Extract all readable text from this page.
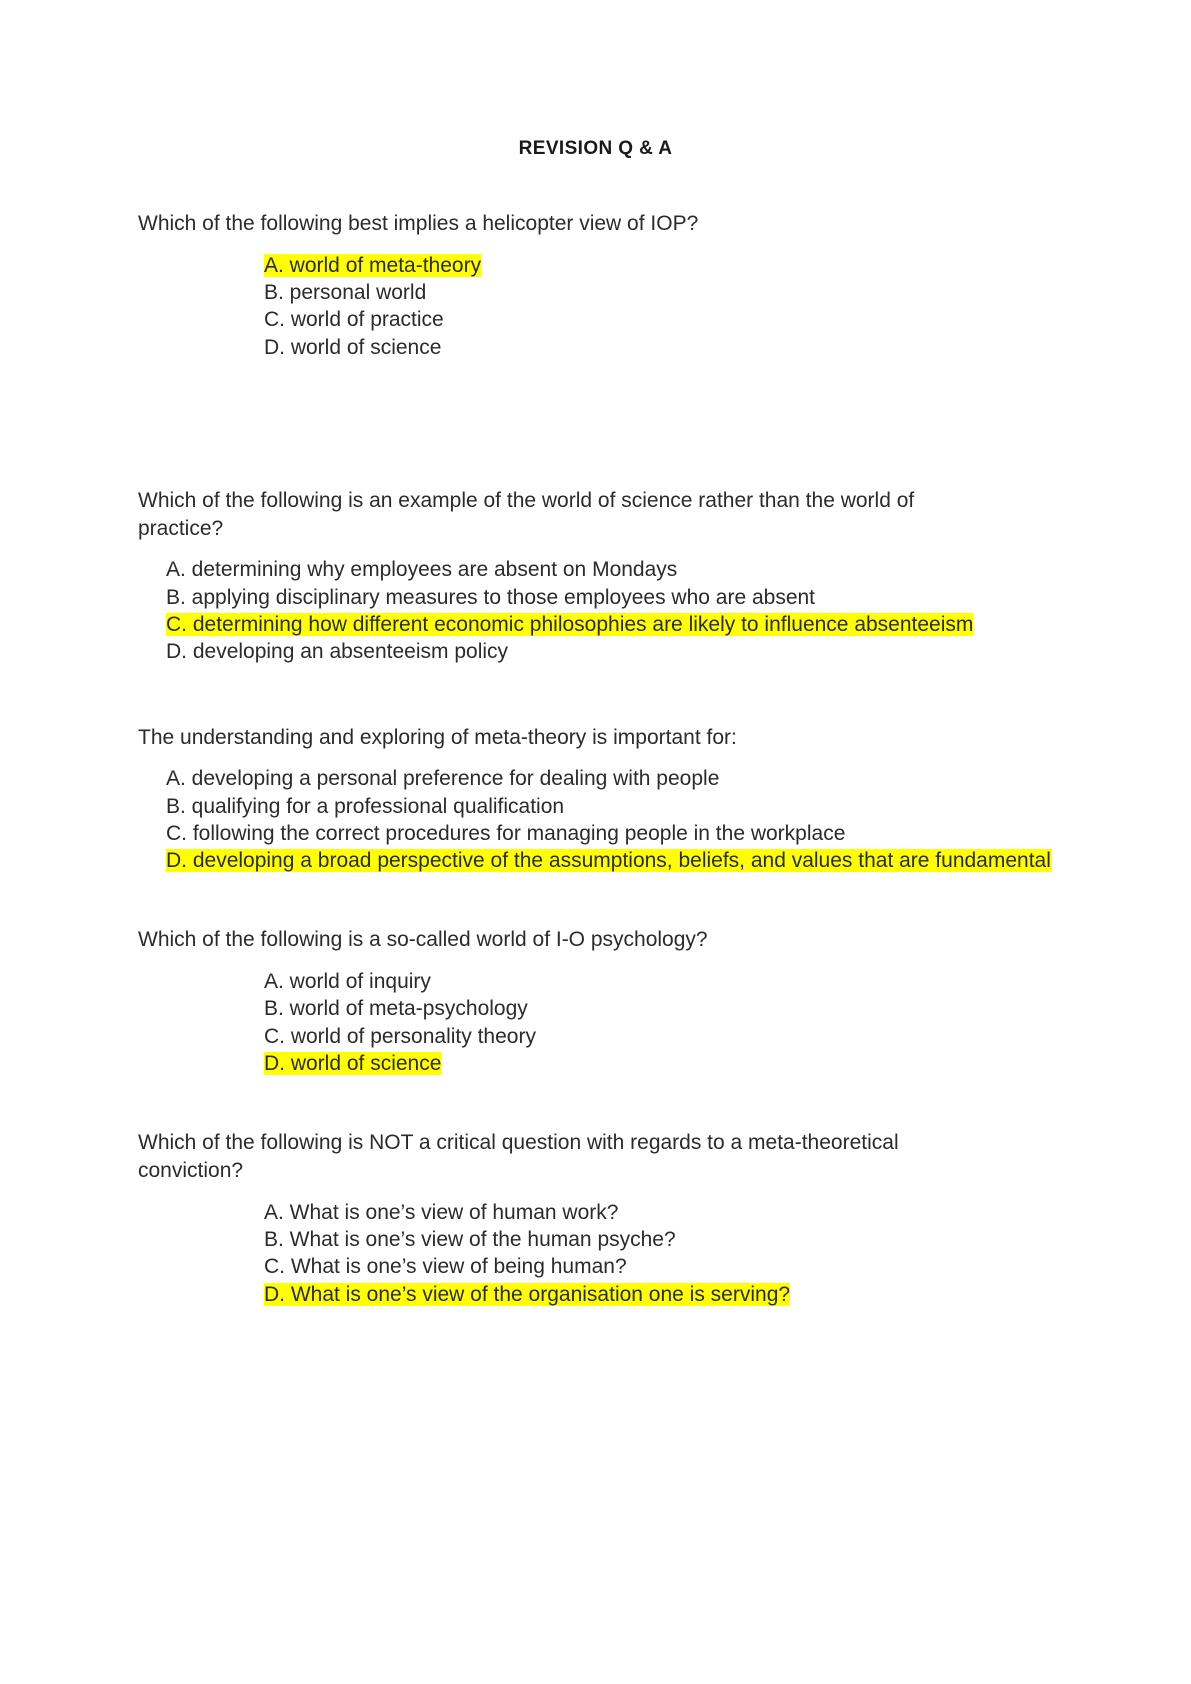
REVISION Q & A
Which of the following best implies a helicopter view of IOP?
A. world of meta-theory
B. personal world
C. world of practice
D. world of science
Which of the following is an example of the world of science rather than the world of practice?
A. determining why employees are absent on Mondays
B. applying disciplinary measures to those employees who are absent
C. determining how different economic philosophies are likely to influence absenteeism
D. developing an absenteeism policy
The understanding and exploring of meta-theory is important for:
A. developing a personal preference for dealing with people
B. qualifying for a professional qualification
C. following the correct procedures for managing people in the workplace
D. developing a broad perspective of the assumptions, beliefs, and values that are fundamental
Which of the following is a so-called world of I-O psychology?
A. world of inquiry
B. world of meta-psychology
C. world of personality theory
D. world of science
Which of the following is NOT a critical question with regards to a meta-theoretical conviction?
A. What is one’s view of human work?
B. What is one’s view of the human psyche?
C. What is one’s view of being human?
D. What is one’s view of the organisation one is serving?
